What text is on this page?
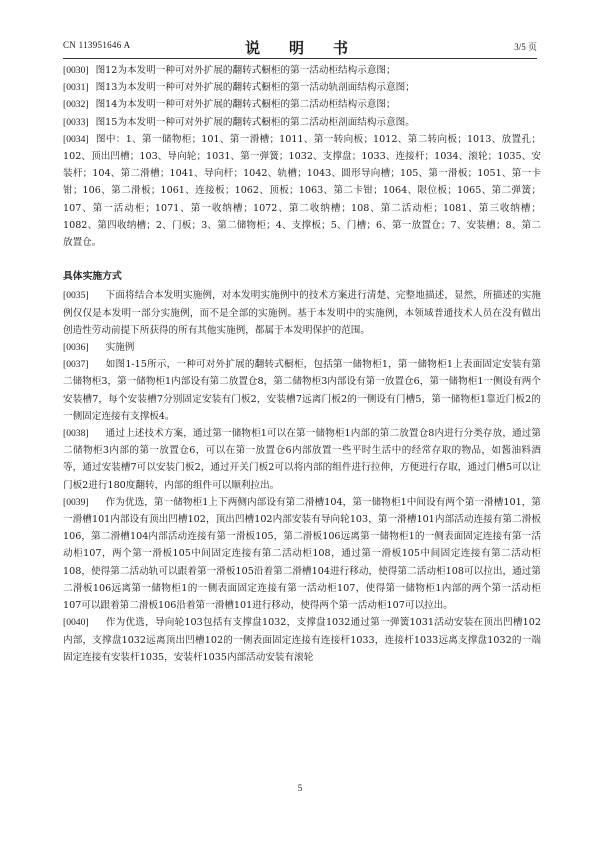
CN 113951646 A	说　明　书	3/5 页

[0030] 图12为本发明一种可对外扩展的翻转式橱柜的第一活动柜结构示意图；

[0031] 图13为本发明一种可对外扩展的翻转式橱柜的第一活动轨剖面结构示意图；

[0032] 图14为本发明一种可对外扩展的翻转式橱柜的第二活动柜结构示意图；

[0033] 图15为本发明一种可对外扩展的翻转式橱柜的第二活动柜剖面结构示意图。

[0034] 图中：1、第一储物柜；101、第一滑槽；1011、第一转向板；1012、第二转向板；1013、放置孔；102、顶出凹槽；103、导向轮；1031、第一弹簧；1032、支撑盘；1033、连接杆；1034、滚轮；1035、安装杆；104、第二滑槽；1041、导向杆；1042、轨槽；1043、圆形导向槽；105、第一滑板；1051、第一卡钳；106、第二滑板；1061、连接板；1062、顶板；1063、第二卡钳；1064、限位板；1065、第二弹簧；107、第一活动柜；1071、第一收纳槽；1072、第二收纳槽；108、第二活动柜；1081、第三收纳槽；1082、第四收纳槽；2、门板；3、第二储物柜；4、支撑板；5、门槽；6、第一放置仓；7、安装槽；8、第二放置仓。

具体实施方式

[0035] 下面将结合本发明实施例，对本发明实施例中的技术方案进行清楚、完整地描述，显然，所描述的实施例仅仅是本发明一部分实施例，而不是全部的实施例。基于本发明中的实施例，本领域普通技术人员在没有做出创造性劳动前提下所获得的所有其他实施例，都属于本发明保护的范围。

[0036] 实施例

[0037] 如图1-15所示，一种可对外扩展的翻转式橱柜，包括第一储物柜1，第一储物柜1上表面固定安装有第二储物柜3，第一储物柜1内部设有第二放置仓8，第二储物柜3内部设有第一放置仓6，第一储物柜1一侧设有两个安装槽7，每个安装槽7分别固定安装有门板2，安装槽7远离门板2的一侧设有门槽5，第一储物柜1靠近门板2的一侧固定连接有支撑板4。

[0038] 通过上述技术方案，通过第一储物柜1可以在第一储物柜1内部的第二放置仓8内进行分类存放，通过第二储物柜3内部的第一放置仓6，可以在第一放置仓6内部放置一些平时生活中的经常存取的物品，如酱油料酒等，通过安装槽7可以安装门板2，通过开关门板2可以将内部的组件进行拉伸，方便进行存取，通过门槽5可以让门板2进行180度翻转，内部的组件可以顺利拉出。

[0039] 作为优选，第一储物柜1上下两侧内部设有第二滑槽104，第一储物柜1中间设有两个第一滑槽101，第一滑槽101内部设有顶出凹槽102，顶出凹槽102内部安装有导向轮103，第一滑槽101内部活动连接有第二滑板106，第二滑槽104内部活动连接有第一滑板105，第二滑板106远离第一储物柜1的一侧表面固定连接有第一活动柜107，两个第一滑板105中间固定连接有第二活动柜108，通过第一滑板105中间固定连接有第二活动柜108，使得第二活动轨可以跟着第一滑板105沿着第二滑槽104进行移动，使得第二活动柜108可以拉出，通过第二滑板106远离第一储物柜1的一侧表面固定连接有第一活动柜107，使得第一储物柜1内部的两个第一活动柜107可以跟着第二滑板106沿着第一滑槽101进行移动，使得两个第一活动柜107可以拉出。

[0040] 作为优选，导向轮103包括有支撑盘1032，支撑盘1032通过第一弹簧1031活动安装在顶出凹槽102内部，支撑盘1032远离顶出凹槽102的一侧表面固定连接有连接杆1033，连接杆1033远离支撑盘1032的一端固定连接有安装杆1035，安装杆1035内部活动安装有滚轮

5
